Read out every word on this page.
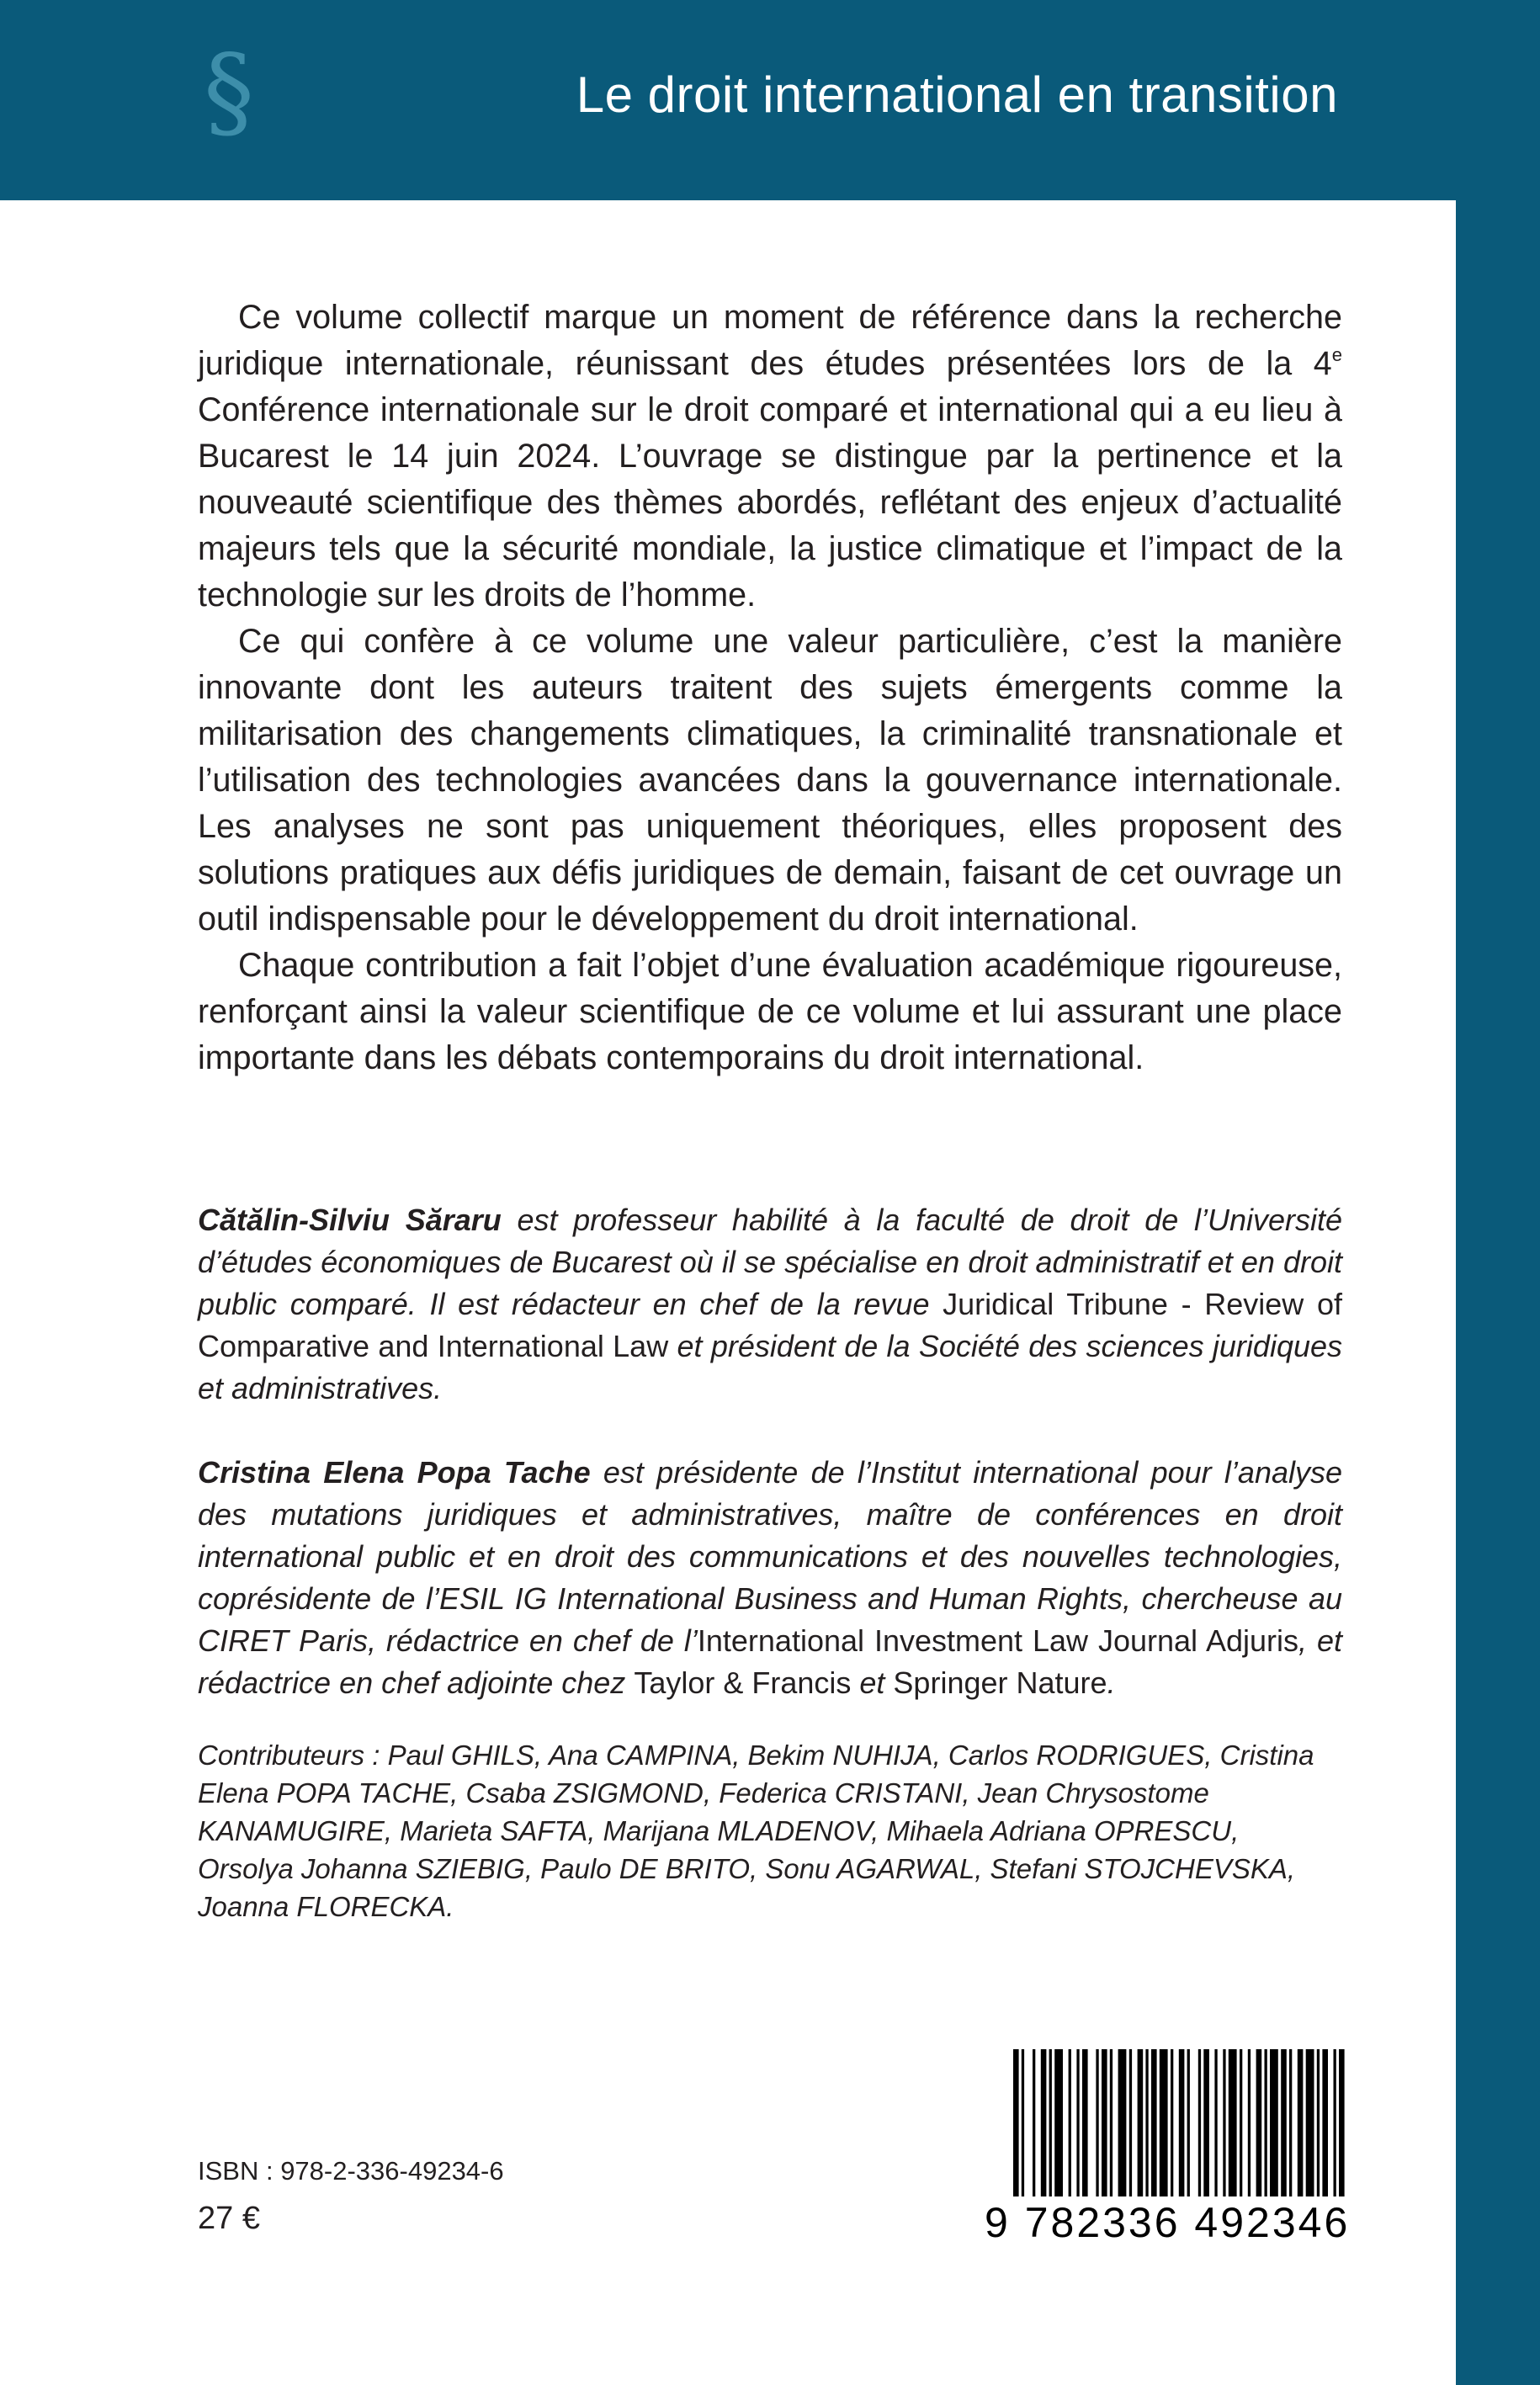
§	Le droit international en transition

Ce volume collectif marque un moment de référence dans la recherche juridique internationale, réunissant des études présentées lors de la 4e Conférence internationale sur le droit comparé et international qui a eu lieu à Bucarest le 14 juin 2024. L’ouvrage se distingue par la pertinence et la nouveauté scientifique des thèmes abordés, reflétant des enjeux d’actualité majeurs tels que la sécurité mondiale, la justice climatique et l’impact de la technologie sur les droits de l’homme.

Ce qui confère à ce volume une valeur particulière, c’est la manière innovante dont les auteurs traitent des sujets émergents comme la militarisation des changements climatiques, la criminalité transnationale et l’utilisation des technologies avancées dans la gouvernance internationale. Les analyses ne sont pas uniquement théoriques, elles proposent des solutions pratiques aux défis juridiques de demain, faisant de cet ouvrage un outil indispensable pour le développement du droit international.

Chaque contribution a fait l’objet d’une évaluation académique rigoureuse, renforçant ainsi la valeur scientifique de ce volume et lui assurant une place importante dans les débats contemporains du droit international.

Cătălin-Silviu Săraru est professeur habilité à la faculté de droit de l’Université d’études économiques de Bucarest où il se spécialise en droit administratif et en droit public comparé. Il est rédacteur en chef de la revue Juridical Tribune - Review of Comparative and International Law et président de la Société des sciences juridiques et administratives.

Cristina Elena Popa Tache est présidente de l’Institut international pour l’analyse des mutations juridiques et administratives, maître de conférences en droit international public et en droit des communications et des nouvelles technologies, coprésidente de l’ESIL IG International Business and Human Rights, chercheuse au CIRET Paris, rédactrice en chef de l’International Investment Law Journal Adjuris, et rédactrice en chef adjointe chez Taylor & Francis et Springer Nature.

Contributeurs : Paul GHILS, Ana CAMPINA, Bekim NUHIJA, Carlos RODRIGUES, Cristina Elena POPA TACHE, Csaba ZSIGMOND, Federica CRISTANI, Jean Chrysostome KANAMUGIRE, Marieta SAFTA, Marijana MLADENOV, Mihaela Adriana OPRESCU, Orsolya Johanna SZIEBIG, Paulo DE BRITO, Sonu AGARWAL, Stefani STOJCHEVSKA, Joanna FLORECKA.

9 782336 492346
ISBN : 978-2-336-49234-6
27 €
